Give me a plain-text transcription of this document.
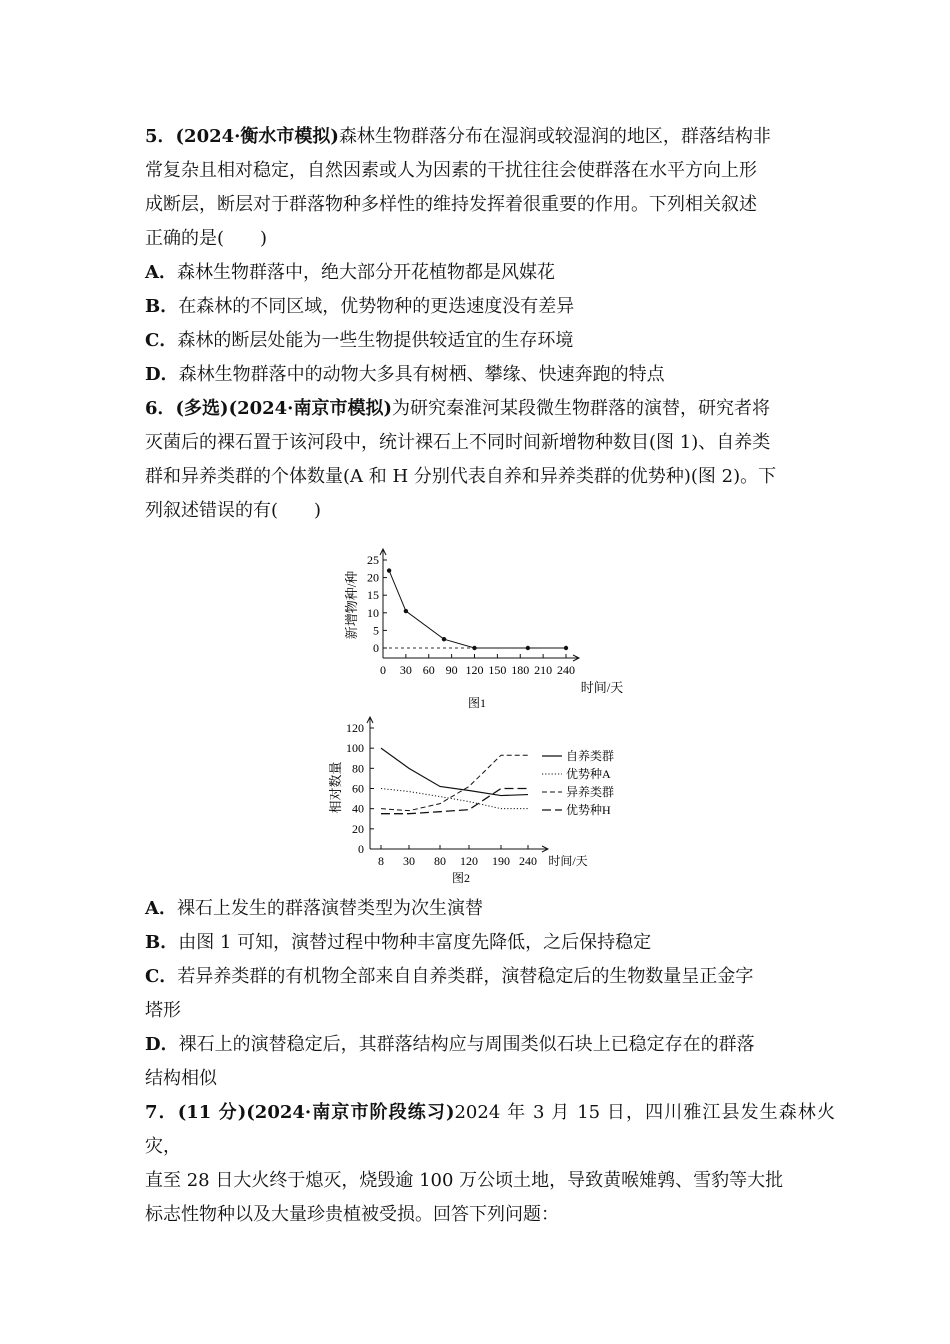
5．(2024·衡水市模拟)森林生物群落分布在湿润或较湿润的地区，群落结构非

常复杂且相对稳定，自然因素或人为因素的干扰往往会使群落在水平方向上形

成断层，断层对于群落物种多样性的维持发挥着很重要的作用。下列相关叙述

正确的是(　　)

A．森林生物群落中，绝大部分开花植物都是风媒花

B．在森林的不同区域，优势物种的更迭速度没有差异

C．森林的断层处能为一些生物提供较适宜的生存环境

D．森林生物群落中的动物大多具有树栖、攀缘、快速奔跑的特点

6．(多选)(2024·南京市模拟)为研究秦淮河某段微生物群落的演替，研究者将

灭菌后的裸石置于该河段中，统计裸石上不同时间新增物种数目(图 1)、自养类

群和异养类群的个体数量(A 和 H 分别代表自养和异养类群的优势种)(图 2)。下

列叙述错误的有(　　)

A．裸石上发生的群落演替类型为次生演替

B．由图 1 可知，演替过程中物种丰富度先降低，之后保持稳定

C．若异养类群的有机物全部来自自养类群，演替稳定后的生物数量呈正金字

塔形

D．裸石上的演替稳定后，其群落结构应与周围类似石块上已稳定存在的群落

结构相似

7．(11 分)(2024·南京市阶段练习)2024 年 3 月 15 日，四川雅江县发生森林火灾，

直至 28 日大火终于熄灭，烧毁逾 100 万公顷土地，导致黄喉雉鹑、雪豹等大批

标志性物种以及大量珍贵植被受损。回答下列问题：

0
5
10
15
20
25
0 30 60 90 120 150 180 210 240
新增物种/种
时间/天
图1
0
20
40
60
80
100
120
8 30 80 120 190 240 时间/天
相对数量
图2
自养类群
优势种A
异养类群
优势种H
